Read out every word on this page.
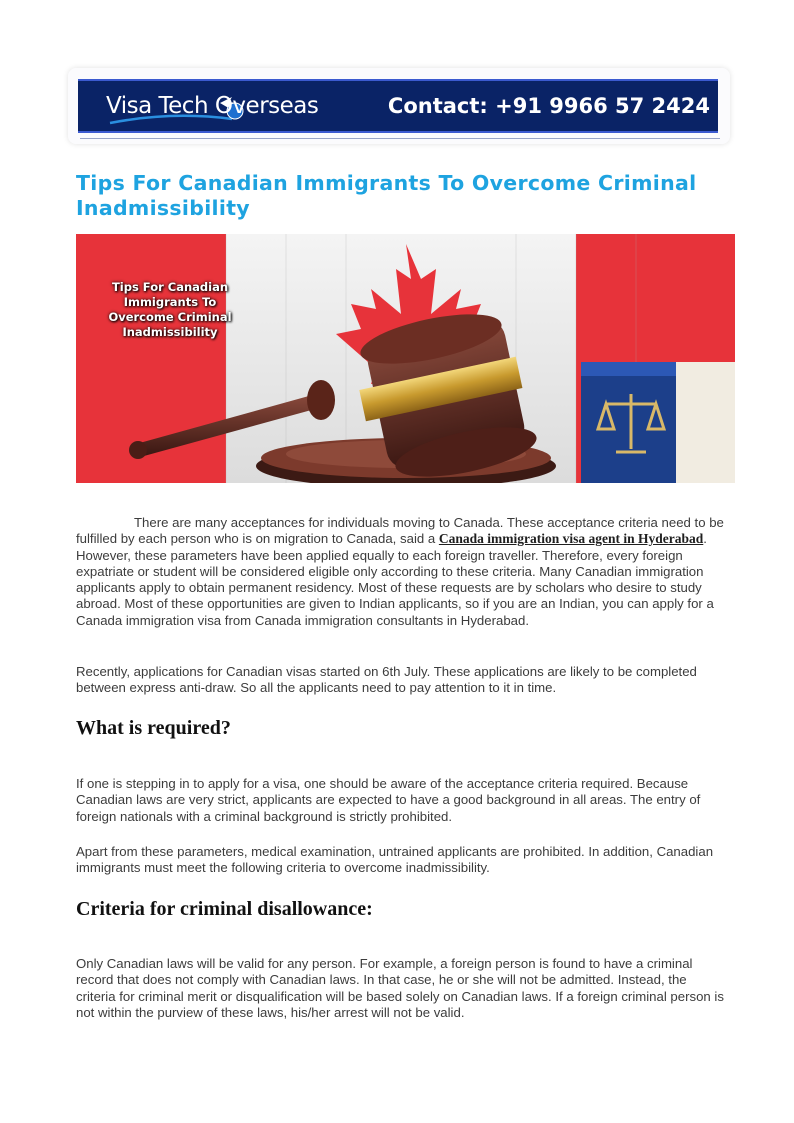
Visa Tech Overseas	Contact: +91 9966 57 2424
Tips For Canadian Immigrants To Overcome Criminal Inadmissibility
Tips For Canadian Immigrants To Overcome Criminal Inadmissibility

There are many acceptances for individuals moving to Canada. These acceptance criteria need to be fulfilled by each person who is on migration to Canada, said a Canada immigration visa agent in Hyderabad. However, these parameters have been applied equally to each foreign traveller. Therefore, every foreign expatriate or student will be considered eligible only according to these criteria. Many Canadian immigration applicants apply to obtain permanent residency. Most of these requests are by scholars who desire to study abroad. Most of these opportunities are given to Indian applicants, so if you are an Indian, you can apply for a Canada immigration visa from Canada immigration consultants in Hyderabad.

Recently, applications for Canadian visas started on 6th July. These applications are likely to be completed between express anti-draw. So all the applicants need to pay attention to it in time.

What is required?

If one is stepping in to apply for a visa, one should be aware of the acceptance criteria required. Because Canadian laws are very strict, applicants are expected to have a good background in all areas. The entry of foreign nationals with a criminal background is strictly prohibited.

Apart from these parameters, medical examination, untrained applicants are prohibited. In addition, Canadian immigrants must meet the following criteria to overcome inadmissibility.

Criteria for criminal disallowance:

Only Canadian laws will be valid for any person. For example, a foreign person is found to have a criminal record that does not comply with Canadian laws. In that case, he or she will not be admitted. Instead, the criteria for criminal merit or disqualification will be based solely on Canadian laws. If a foreign criminal person is not within the purview of these laws, his/her arrest will not be valid.
